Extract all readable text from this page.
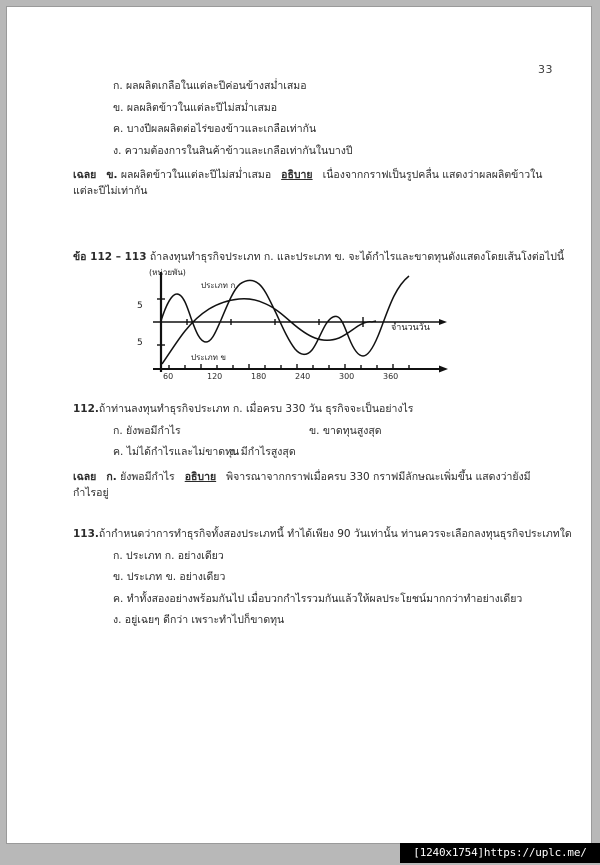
33
ก. ผลผลิตเกลือในแต่ละปีค่อนข้างสม่ำเสมอ
ข. ผลผลิตข้าวในแต่ละปีไม่สม่ำเสมอ
ค. บางปีผลผลิตต่อไร่ของข้าวและเกลือเท่ากัน
ง. ความต้องการในสินค้าข้าวและเกลือเท่ากันในบางปี
เฉลย ข. ผลผลิตข้าวในแต่ละปีไม่สม่ำเสมอ อธิบาย เนื่องจากกราฟเป็นรูปคลื่น แสดงว่าผลผลิตข้าวในแต่ละปีไม่เท่ากัน
ข้อ 112 – 113 ถ้าลงทุนทำธุรกิจประเภท ก. และประเภท ข. จะได้กำไรและขาดทุนดังแสดงโดยเส้นโงต่อไปนี้
(หน่วยพัน)
ประเภท ก
ประเภท ข
จำนวนวัน
5
5
60	120	180	240	300	360
112.ถ้าท่านลงทุนทำธุรกิจประเภท ก. เมื่อครบ 330 วัน ธุรกิจจะเป็นอย่างไร
ก. ยังพอมีกำไร	ข. ขาดทุนสูงสุด
ค. ไม่ได้กำไรและไม่ขาดทุน
ง. มีกำไรสูงสุด
เฉลย ก. ยังพอมีกำไร อธิบาย พิจารณาจากกราฟเมื่อครบ 330 กราฟมีลักษณะเพิ่มขึ้น แสดงว่ายังมีกำไรอยู่
113.ถ้ากำหนดว่าการทำธุรกิจทั้งสองประเภทนี้ ทำได้เพียง 90 วันเท่านั้น ท่านควรจะเลือกลงทุนธุรกิจประเภทใด
ก. ประเภท ก. อย่างเดียว
ข. ประเภท ข. อย่างเดียว
ค. ทำทั้งสองอย่างพร้อมกันไป เมื่อบวกกำไรรวมกันแล้วให้ผลประโยชน์มากกว่าทำอย่างเดียว
ง. อยู่เฉยๆ ดีกว่า เพราะทำไปก็ขาดทุน
[1240x1754]https://uplc.me/
